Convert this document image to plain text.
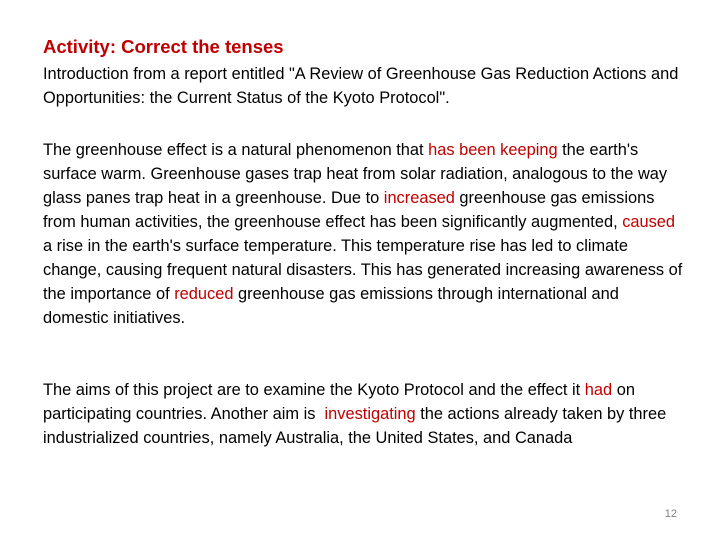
Activity: Correct the tenses

Introduction from a report entitled "A Review of Greenhouse Gas Reduction Actions and Opportunities: the Current Status of the Kyoto Protocol".

The greenhouse effect is a natural phenomenon that has been keeping the earth's surface warm. Greenhouse gases trap heat from solar radiation, analogous to the way glass panes trap heat in a greenhouse. Due to increased greenhouse gas emissions from human activities, the greenhouse effect has been significantly augmented, caused a rise in the earth's surface temperature. This temperature rise has led to climate change, causing frequent natural disasters. This has generated increasing awareness of the importance of reduced greenhouse gas emissions through international and domestic initiatives.

The aims of this project are to examine the Kyoto Protocol and the effect it had on participating countries. Another aim is  investigating the actions already taken by three industrialized countries, namely Australia, the United States, and Canada

12
